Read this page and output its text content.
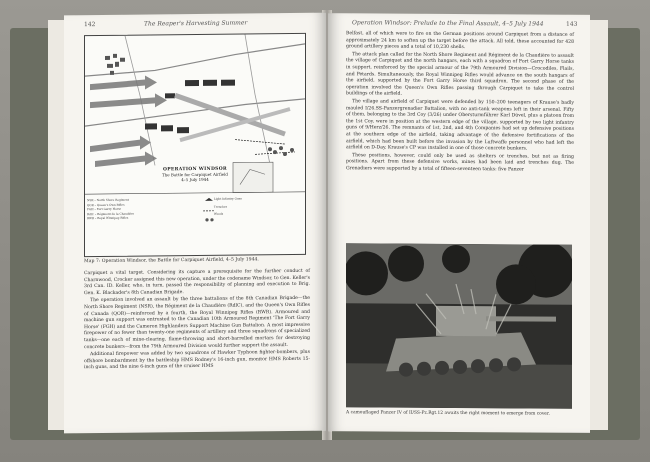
142	The Reaper's Harvesting Summer
OPERATION WINDSOR
The Battle for Carpiquet Airfield
4–5 July 1944
NSR – North Shore Regiment
QOR – Queen's Own Rifles
FGH – Fort Garry Horse
RdlC – Régiment de la Chaudière
RWR – Royal Winnipeg Rifles

Light Infantry Guns
Trenches
Woods
Map 7: Operation Windsor, the Battle for Carpiquet Airfield, 4–5 July 1944.

Carpiquet a vital target. Considering its capture a prerequisite for the further conduct of Charnwood, Crocker assigned this new operation, under the codename Windsor, to Gen. Keller's 3rd Can. ID. Keller, who, in turn, passed the responsibility of planning and execution to Brig. Gen. K. Blackader's 8th Canadian Brigade.

The operation involved an assault by the three battalions of the 8th Canadian Brigade—the North Shore Regiment (NSR), the Régiment de la Chaudière (RdlC), and the Queen's Own Rifles of Canada (QOR)—reinforced by a fourth, the Royal Winnipeg Rifles (RWR). Armoured and machine gun support was entrusted to the Canadian 10th Armoured Regiment 'The Fort Garry Horse' (FGH) and the Cameron Highlanders Support Machine Gun Battalion. A most impressive firepower of no fewer than twenty-one regiments of artillery and three squadrons of specialized tanks—one each of mine-clearing, flame-throwing and short-barrelled mortars for destroying concrete bunkers—from the 79th Armoured Division would further support the assault.

Additional firepower was added by two squadrons of Hawker Typhoon fighter-bombers, plus offshore bombardment by the battleship HMS Rodney's 16-inch gun, monitor HMS Roberts 15-inch guns, and the nine 6-inch guns of the cruiser HMS

Operation Windsor: Prelude to the Final Assault, 4–5 July 1944	143

Belfast, all of which were to fire on the German positions around Carpiquet from a distance of approximately 24 km to soften up the target before the attack. All told, these accounted for 428 ground artillery pieces and a total of 10,230 shells.

The attack plan called for the North Shore Regiment and Régiment de la Chaudière to assault the village of Carpiquet and the north hangars, each with a squadron of Fort Garry Horse tanks in support, reinforced by the special armour of the 79th Armoured Division—Crocodiles, Flails, and Petards. Simultaneously, the Royal Winnipeg Rifles would advance on the south hangars of the airfield, supported by the Fort Garry Horse third squadron. The second phase of the operation involved the Queen's Own Rifles passing through Carpiquet to take the control buildings of the airfield.

The village and airfield of Carpiquet were defended by 150–200 teenagers of Krause's badly mauled I/26.SS-Panzergrenadier Battalion, with no anti-tank weapons left in their arsenal. Fifty of them, belonging to the 3rd Coy (3/26) under Obersturmführer Karl Düvel, plus a platoon from the 1st Coy, were in position at the western edge of the village, supported by two light infantry guns of 9/Herz/26. The remnants of 1st, 2nd, and 4th Companies had set up defensive positions at the southern edge of the airfield, taking advantage of the defensive fortifications of the airfield, which had been built before the invasion by the Luftwaffe personnel who had left the airfield on D-Day. Krause's CP was installed in one of those concrete bunkers.

These positions, however, could only be used as shelters or trenches, but not as firing positions. Apart from these defensive works, mines had been laid and trenches dug. The Grenadiers were supported by a total of fifteen-seventeen tanks: five Panzer

A camouflaged Panzer IV of II/SS-Pz.Rgt.12 awaits the right moment to emerge from cover.
